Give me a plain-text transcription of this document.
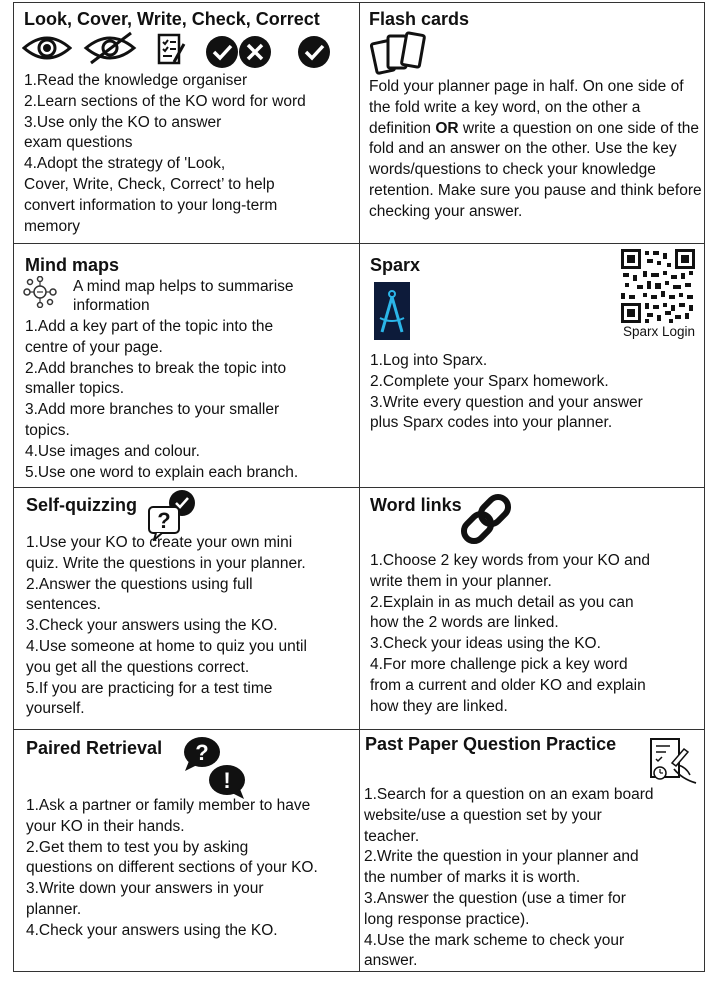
Look, Cover, Write, Check, Correct
1.Read the knowledge organiser
2.Learn sections of the KO word for word
3.Use only the KO to answer
exam questions
4.Adopt the strategy of 'Look,
Cover, Write, Check, Correct’ to help
convert information to your long-term
memory
Flash cards
Fold your planner page in half. On one side of the fold write a key word, on the other a definition OR write a question on one side of the fold and an answer on the other. Use the key words/questions to check your knowledge retention. Make sure you pause and think before checking your answer.
Mind maps
A mind map helps to summarise
information
1.Add a key part of the topic into the
centre of your page.
2.Add branches to break the topic into
smaller topics.
3.Add more branches to your smaller
topics.
4.Use images and colour.
5.Use one word to explain each branch.
Sparx
Sparx Login
1.Log into Sparx.
2.Complete your Sparx homework.
3.Write every question and your answer
plus Sparx codes into your planner.
Self-quizzing
?
1.Use your KO to create your own mini
quiz. Write the questions in your planner.
2.Answer the questions using full
sentences.
3.Check your answers using the KO.
4.Use someone at home to quiz you until
you get all the questions correct.
5.If you are practicing for a test time
yourself.
Word links
1.Choose 2 key words from your KO and
write them in your planner.
2.Explain in as much detail as you can
how the 2 words are linked.
3.Check your ideas using the KO.
4.For more challenge pick a key word
from a current and older KO and explain
how they are linked.
Paired Retrieval ?
!
1.Ask a partner or family member to have
your KO in their hands.
2.Get them to test you by asking
questions on different sections of your KO.
3.Write down your answers in your
planner.
4.Check your answers using the KO.
Past Paper Question Practice
1.Search for a question on an exam board
website/use a question set by your
teacher.
2.Write the question in your planner and
the number of marks it is worth.
3.Answer the question (use a timer for
long response practice).
4.Use the mark scheme to check your
answer.
